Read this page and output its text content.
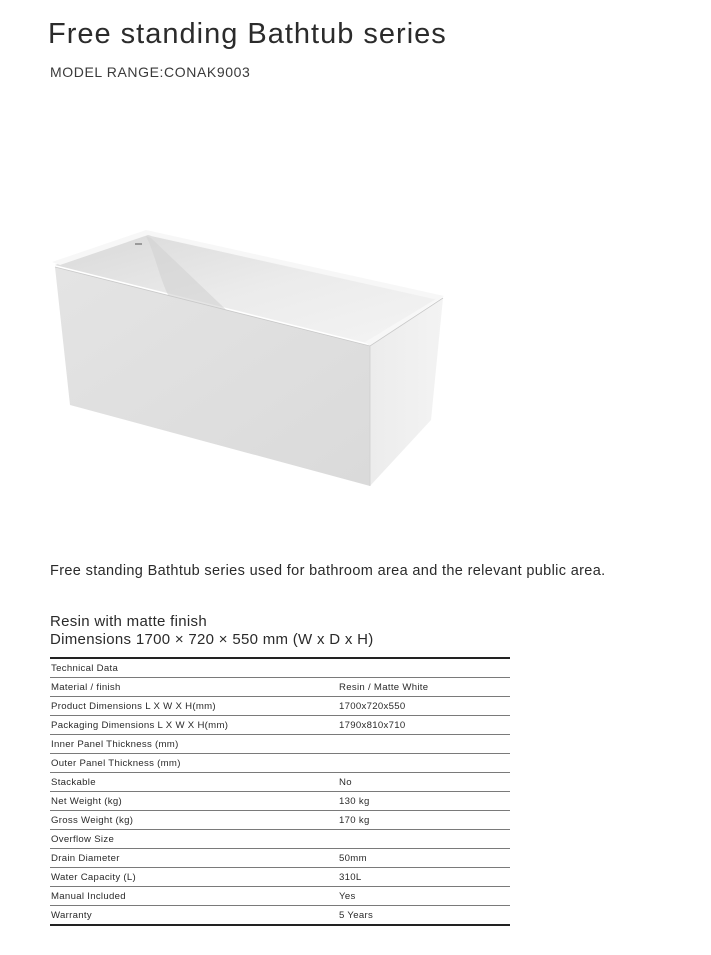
Free standing Bathtub series
MODEL RANGE:CONAK9003
Free standing Bathtub series used for bathroom area and the relevant public area.
Resin with matte finish
Dimensions 1700 × 720 × 550 mm (W x D x H)
Technical Data	
Material / finish	Resin / Matte White
Product Dimensions L X W X H(mm)	1700x720x550
Packaging Dimensions L X W X H(mm)	1790x810x710
Inner Panel Thickness (mm)	
Outer Panel Thickness (mm)	
Stackable	No
Net Weight (kg)	130 kg
Gross Weight (kg)	170 kg
Overflow Size	
Drain Diameter	50mm
Water Capacity (L)	310L
Manual Included	Yes
Warranty	5 Years
